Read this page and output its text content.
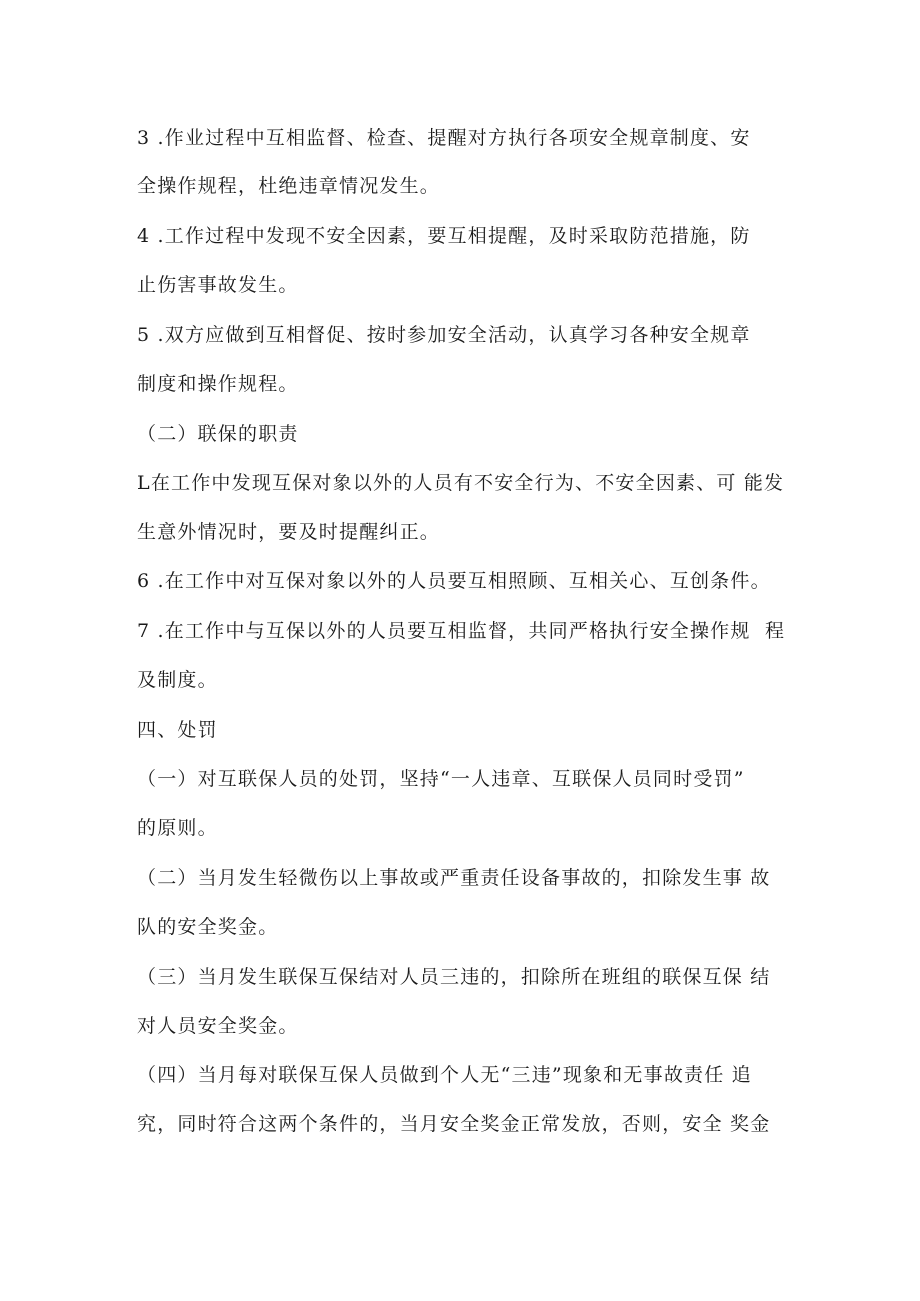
3 .作业过程中互相监督、检查、提醒对方执行各项安全规章制度、安
全操作规程，杜绝违章情况发生。
4 .工作过程中发现不安全因素，要互相提醒，及时采取防范措施，防
止伤害事故发生。
5 .双方应做到互相督促、按时参加安全活动，认真学习各种安全规章
制度和操作规程。
（二）联保的职责
L在工作中发现互保对象以外的人员有不安全行为、不安全因素、可 能发
生意外情况时，要及时提醒纠正。
6 .在工作中对互保对象以外的人员要互相照顾、互相关心、互创条件。
7 .在工作中与互保以外的人员要互相监督，共同严格执行安全操作规  程
及制度。
四、处罚
（一）对互联保人员的处罚，坚持“一人违章、互联保人员同时受罚”
的原则。
（二）当月发生轻微伤以上事故或严重责任设备事故的，扣除发生事 故
队的安全奖金。
（三）当月发生联保互保结对人员三违的，扣除所在班组的联保互保 结
对人员安全奖金。
（四）当月每对联保互保人员做到个人无“三违”现象和无事故责任 追
究，同时符合这两个条件的，当月安全奖金正常发放，否则，安全 奖金
